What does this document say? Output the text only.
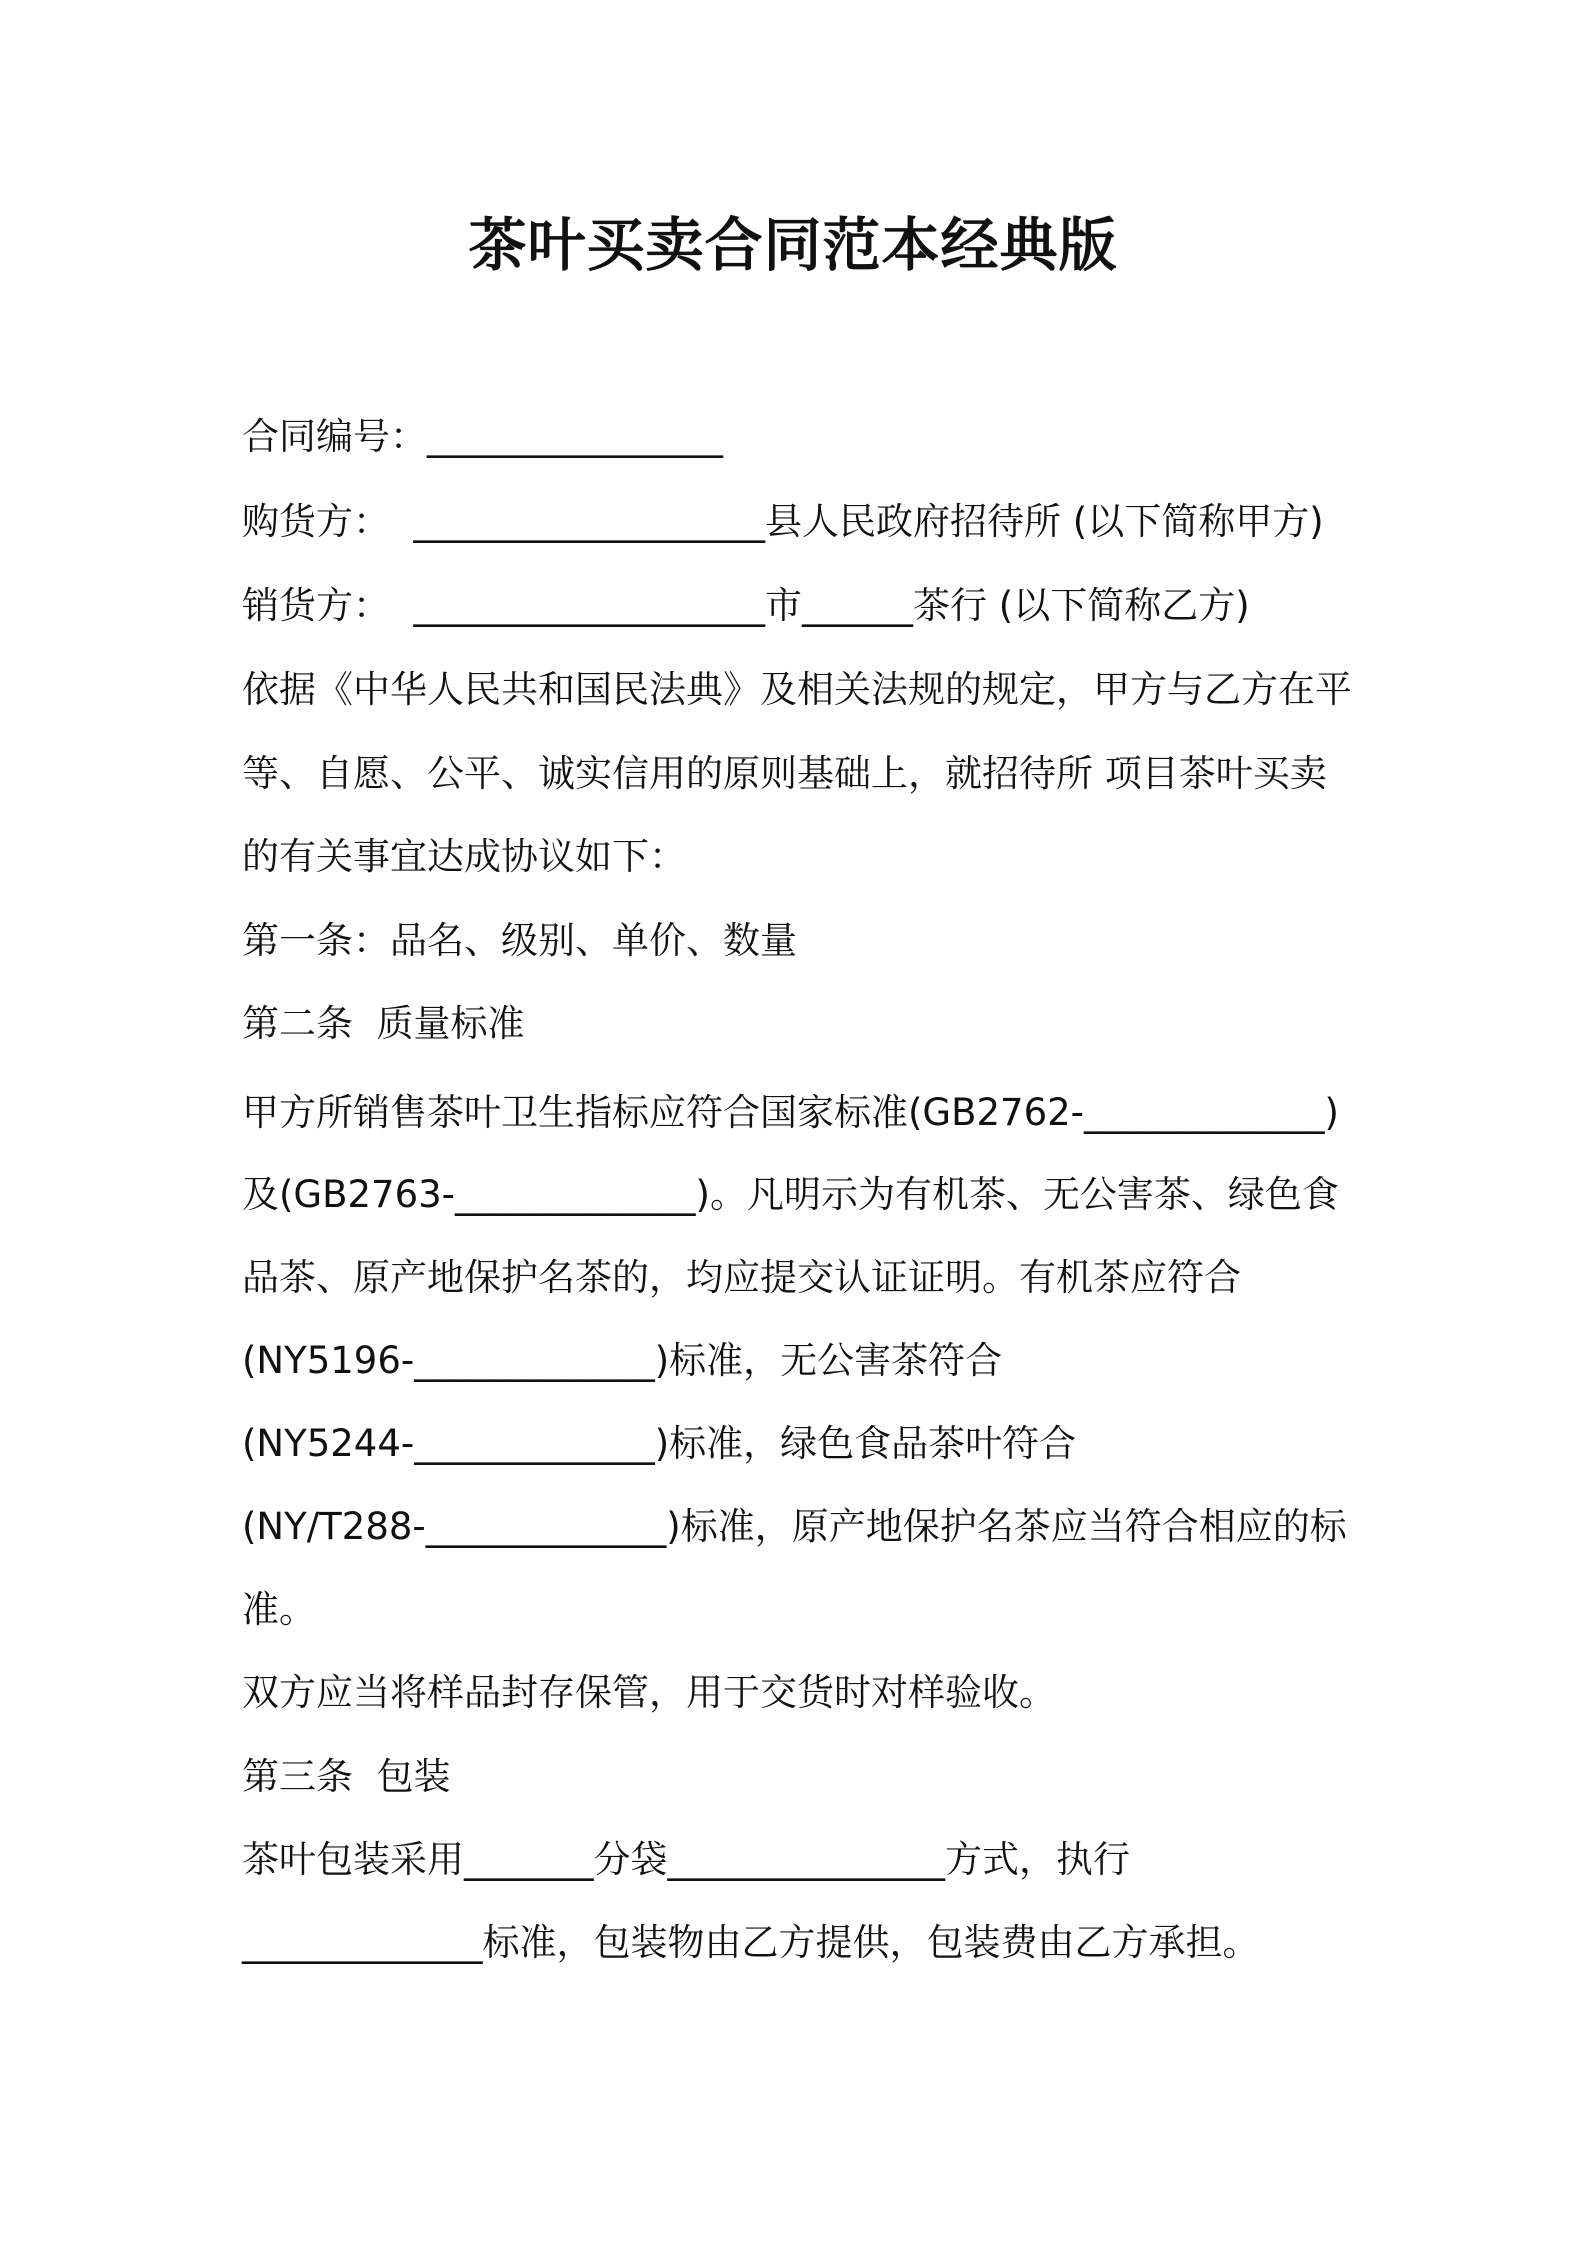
茶叶买卖合同范本经典版
合同编号：________________
购货方：  ___________________县人民政府招待所 (以下简称甲方)
销货方：  ___________________市______茶行 (以下简称乙方)
依据《中华人民共和国民法典》及相关法规的规定，甲方与乙方在平
等、自愿、公平、诚实信用的原则基础上，就招待所 项目茶叶买卖
的有关事宜达成协议如下：
第一条：品名、级别、单价、数量
第二条  质量标准
甲方所销售茶叶卫生指标应符合国家标准(GB2762-_____________)
及(GB2763-_____________)。凡明示为有机茶、无公害茶、绿色食
品茶、原产地保护名茶的，均应提交认证证明。有机茶应符合
(NY5196-_____________)标准，无公害茶符合
(NY5244-_____________)标准，绿色食品茶叶符合
(NY/T288-_____________)标准，原产地保护名茶应当符合相应的标
准。
双方应当将样品封存保管，用于交货时对样验收。
第三条  包装
茶叶包装采用_______分袋_______________方式，执行
_____________标准，包装物由乙方提供，包装费由乙方承担。
